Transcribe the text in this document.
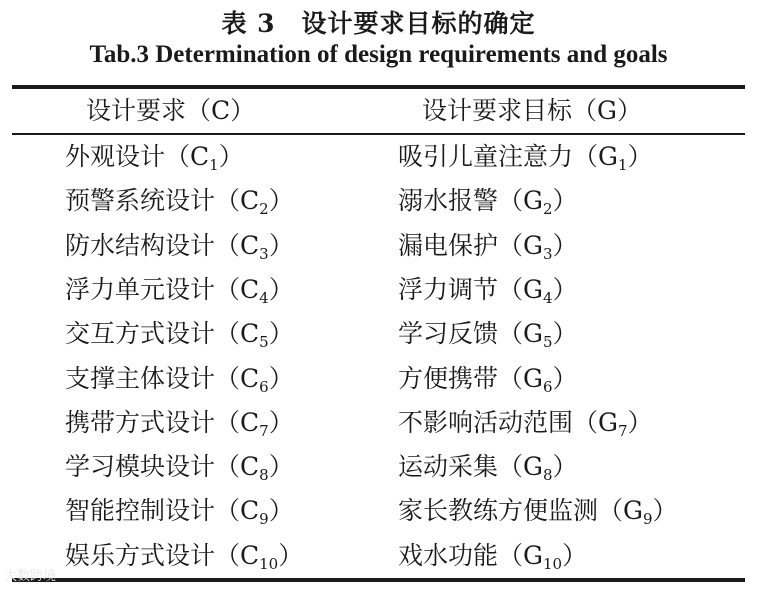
表 3　设计要求目标的确定
Tab.3 Determination of design requirements and goals
设计要求（C）	设计要求目标（G）
外观设计$(C_1)$	吸引儿童注意力$(G_1)$
预警系统设计$(C_2)$	溺水报警$(G_2)$
防水结构设计$(C_3)$	漏电保护$(G_3)$
浮力单元设计$(C_4)$	浮力调节$(G_4)$
交互方式设计$(C_5)$	学习反馈$(G_5)$
支撑主体设计$(C_6)$	方便携带$(G_6)$
携带方式设计$(C_7)$	不影响活动范围$(G_7)$
学习模块设计$(C_8)$	运动采集$(G_8)$
智能控制设计$(C_9)$	家长教练方便监测$(G_9)$
娱乐方式设计$(C_{10})$	戏水功能$(G_{10})$
大数跨境
